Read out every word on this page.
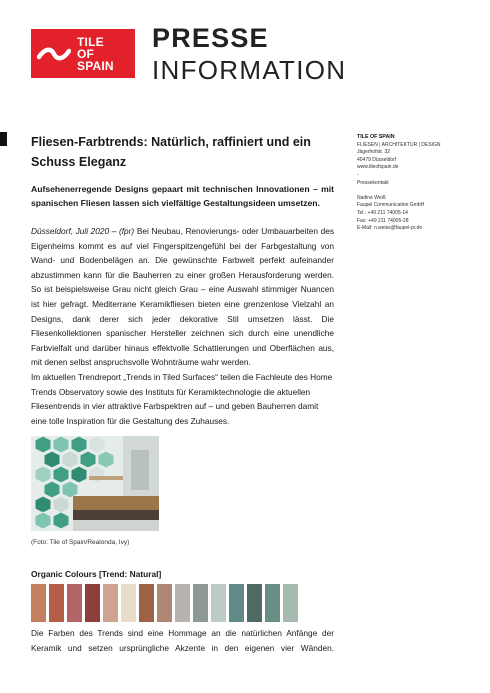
TILE
OF
SPAIN
PRESSE
INFORMATION
Fliesen-Farbtrends: Natürlich, raffiniert und ein Schuss Eleganz

Aufsehenerregende Designs gepaart mit technischen Innovationen – mit spanischen Fliesen lassen sich vielfältige Gestaltungsideen umsetzen.

Düsseldorf, Juli 2020 – (fpr) Bei Neubau, Renovierungs- oder Umbauarbeiten des Eigenheims kommt es auf viel Fingerspitzengefühl bei der Farbgestaltung von Wand- und Bodenbelägen an. Die gewünschte Farbwelt perfekt aufeinander abzustimmen kann für die Bauherren zu einer großen Herausforderung werden. So ist beispielsweise Grau nicht gleich Grau – eine Auswahl stimmiger Nuancen ist hier gefragt. Mediterrane Keramikfliesen bieten eine grenzenlose Vielzahl an Designs, dank derer sich jeder dekorative Stil umsetzen lässt. Die Fliesenkollektionen spanischer Hersteller zeichnen sich durch eine unendliche Farbvielfalt und darüber hinaus effektvolle Schattierungen und Oberflächen aus, mit denen selbst anspruchsvolle Wohnträume wahr werden.

Im aktuellen Trendreport „Trends in Tiled Surfaces“ teilen die Fachleute des Home Trends Observatory sowie des Instituts für Keramiktechnologie die aktuellen Fliesentrends in vier attraktive Farbspektren auf – und geben Bauherren damit eine tolle Inspiration für die Gestaltung des Zuhauses.

(Foto: Tile of Spain/Realonda, Ivy)
Organic Colours [Trend: Natural]

Die Farben des Trends sind eine Hommage an die natürlichen Anfänge der
Keramik und setzen ursprüngliche Akzente in den eigenen vier Wänden.

TILE OF SPAIN
FLIESEN | ARCHITEKTUR | DESIGN
Jägerhofstr. 32
40479 Düsseldorf
www.tileofspain.de
-
Pressekontakt
Nadine Weiß
Faupel Communication GmbH
Tel.: +49 211 74005-14
Fax: +49 211 74005-28
E-Mail: n.weiss@faupel-pr.de
